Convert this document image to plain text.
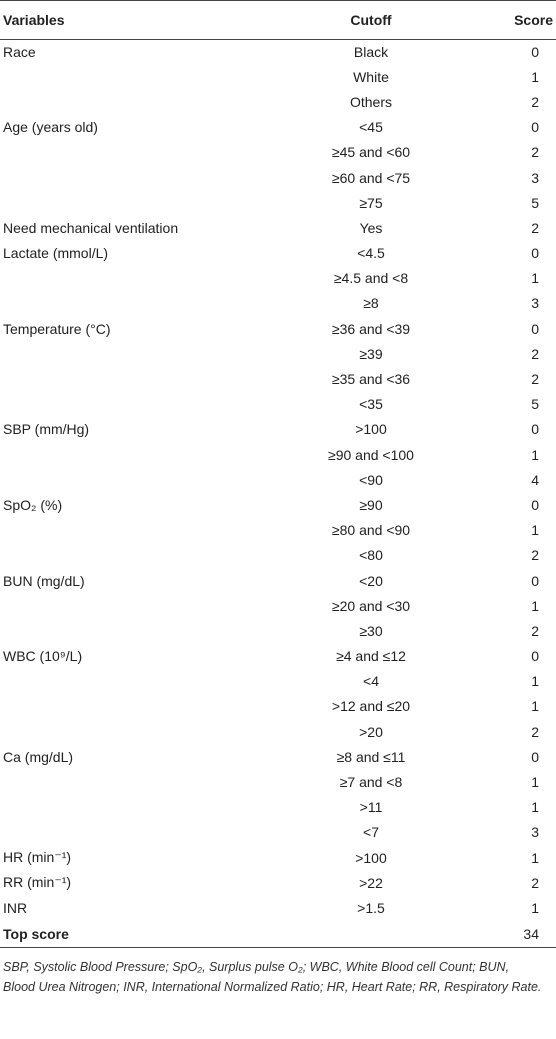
Variables	Cutoff	Score
Race	Black	0
	White	1
	Others	2
Age (years old)	<45	0
	≥45 and <60	2
	≥60 and <75	3
	≥75	5
Need mechanical ventilation	Yes	2
Lactate (mmol/L)	<4.5	0
	≥4.5 and <8	1
	≥8	3
Temperature (°C)	≥36 and <39	0
	≥39	2
	≥35 and <36	2
	<35	5
SBP (mm/Hg)	>100	0
	≥90 and <100	1
	<90	4
SpO₂ (%)	≥90	0
	≥80 and <90	1
	<80	2
BUN (mg/dL)	<20	0
	≥20 and <30	1
	≥30	2
WBC (10⁹/L)	≥4 and ≤12	0
	<4	1
	>12 and ≤20	1
	>20	2
Ca (mg/dL)	≥8 and ≤11	0
	≥7 and <8	1
	>11	1
	<7	3
HR (min⁻¹)	>100	1
RR (min⁻¹)	>22	2
INR	>1.5	1
Top score		34
SBP, Systolic Blood Pressure; SpO₂, Surplus pulse O₂; WBC, White Blood cell Count; BUN, Blood Urea Nitrogen; INR, International Normalized Ratio; HR, Heart Rate; RR, Respiratory Rate.
